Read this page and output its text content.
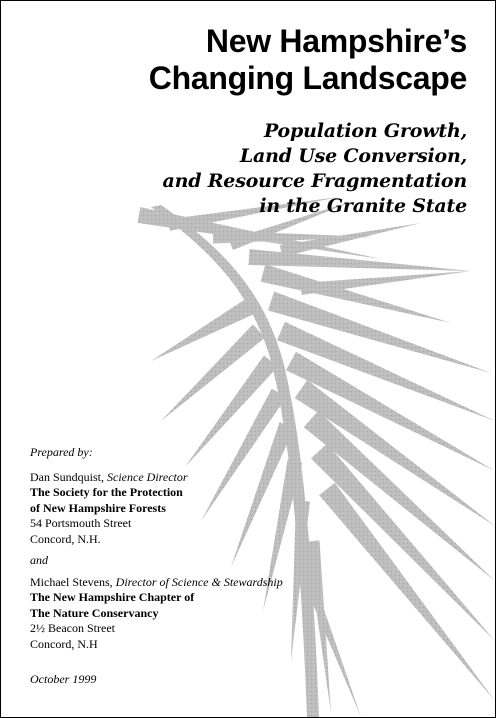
New Hampshire’s
Changing Landscape
Population Growth,
Land Use Conversion,
and Resource Fragmentation
in the Granite State
Prepared by:
Dan Sundquist, Science Director
The Society for the Protection
of New Hampshire Forests
54 Portsmouth Street
Concord, N.H.
and
Michael Stevens, Director of Science & Stewardship
The New Hampshire Chapter of
The Nature Conservancy
2½ Beacon Street
Concord, N.H
October 1999
